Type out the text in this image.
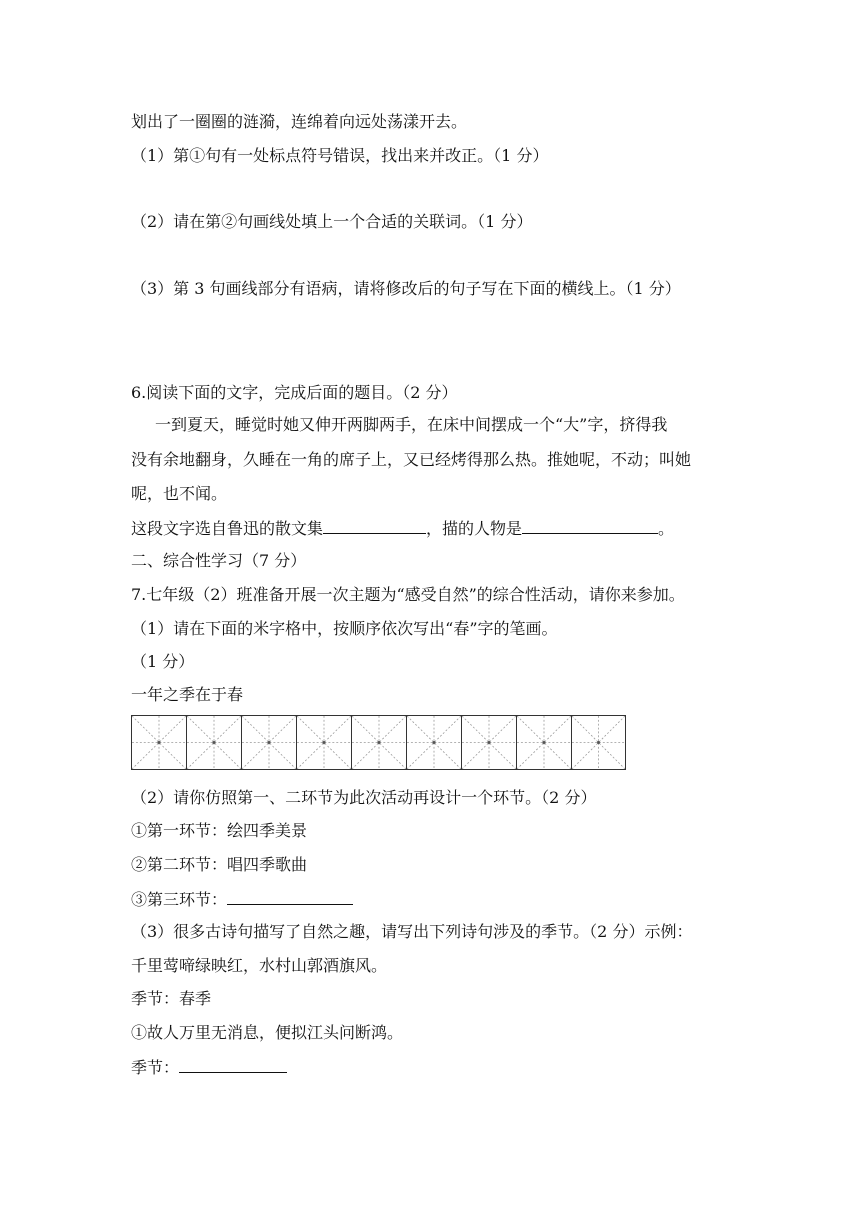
划出了一圈圈的涟漪，连绵着向远处荡漾开去。
（1）第①句有一处标点符号错误，找出来并改正。（1 分）
（2）请在第②句画线处填上一个合适的关联词。（1 分）
（3）第 3 句画线部分有语病，请将修改后的句子写在下面的横线上。（1 分）
6.阅读下面的文字，完成后面的题目。（2 分）
一到夏天，睡觉时她又伸开两脚两手，在床中间摆成一个“大”字，挤得我
没有余地翻身，久睡在一角的席子上，又已经烤得那么热。推她呢，不动；叫她
呢，也不闻。
这段文字选自鲁迅的散文集	，描的人物是	。
二、综合性学习（7 分）
7.七年级（2）班准备开展一次主题为“感受自然”的综合性活动，请你来参加。
（1）请在下面的米字格中，按顺序依次写出“春”字的笔画。
（1 分）
一年之季在于春
（2）请你仿照第一、二环节为此次活动再设计一个环节。（2 分）
①第一环节：绘四季美景
②第二环节：唱四季歌曲
③第三环节：
（3）很多古诗句描写了自然之趣，请写出下列诗句涉及的季节。（2 分）示例：
千里莺啼绿映红，水村山郭酒旗风。
季节：春季
①故人万里无消息，便拟江头问断鸿。
季节：
